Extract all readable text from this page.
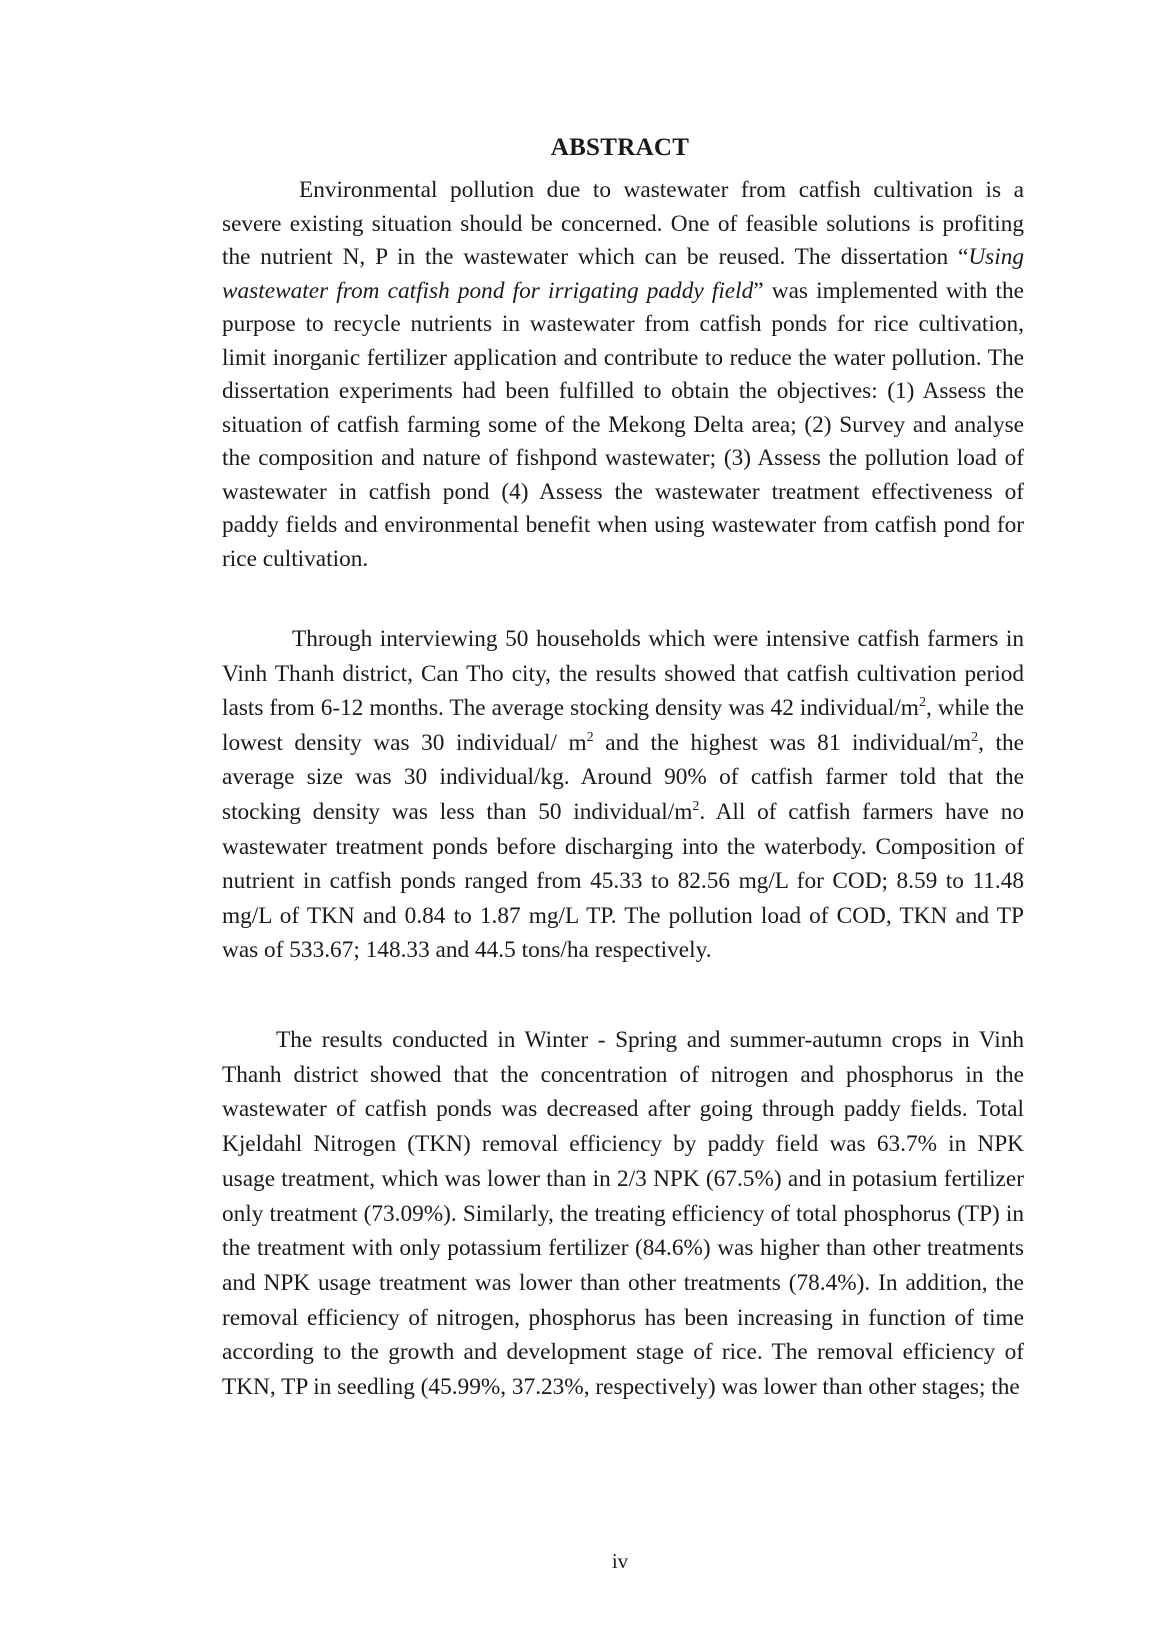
ABSTRACT

Environmental pollution due to wastewater from catfish cultivation is a severe existing situation should be concerned. One of feasible solutions is profiting the nutrient N, P in the wastewater which can be reused. The dissertation “Using wastewater from catfish pond for irrigating paddy field” was implemented with the purpose to recycle nutrients in wastewater from catfish ponds for rice cultivation, limit inorganic fertilizer application and contribute to reduce the water pollution. The dissertation experiments had been fulfilled to obtain the objectives: (1) Assess the situation of catfish farming some of the Mekong Delta area; (2) Survey and analyse the composition and nature of fishpond wastewater; (3) Assess the pollution load of wastewater in catfish pond (4) Assess the wastewater treatment effectiveness of paddy fields and environmental benefit when using wastewater from catfish pond for rice cultivation.

Through interviewing 50 households which were intensive catfish farmers in Vinh Thanh district, Can Tho city, the results showed that catfish cultivation period lasts from 6-12 months. The average stocking density was 42 individual/$m^2$, while the lowest density was 30 individual/ $m^2$ and the highest was 81 individual/$m^2$, the average size was 30 individual/kg. Around 90% of catfish farmer told that the stocking density was less than 50 individual/$m^2$. All of catfish farmers have no wastewater treatment ponds before discharging into the waterbody. Composition of nutrient in catfish ponds ranged from 45.33 to 82.56 mg/L for COD; 8.59 to 11.48 mg/L of TKN and 0.84 to 1.87 mg/L TP. The pollution load of COD, TKN and TP was of 533.67; 148.33 and 44.5 tons/ha respectively.

The results conducted in Winter - Spring and summer-autumn crops in Vinh Thanh district showed that the concentration of nitrogen and phosphorus in the wastewater of catfish ponds was decreased after going through paddy fields. Total Kjeldahl Nitrogen (TKN) removal efficiency by paddy field was 63.7% in NPK usage treatment, which was lower than in 2/3 NPK (67.5%) and in potasium fertilizer only treatment (73.09%). Similarly, the treating efficiency of total phosphorus (TP) in the treatment with only potassium fertilizer (84.6%) was higher than other treatments and NPK usage treatment was lower than other treatments (78.4%). In addition, the removal efficiency of nitrogen, phosphorus has been increasing in function of time according to the growth and development stage of rice. The removal efficiency of TKN, TP in seedling (45.99%, 37.23%, respectively) was lower than other stages; the

iv
